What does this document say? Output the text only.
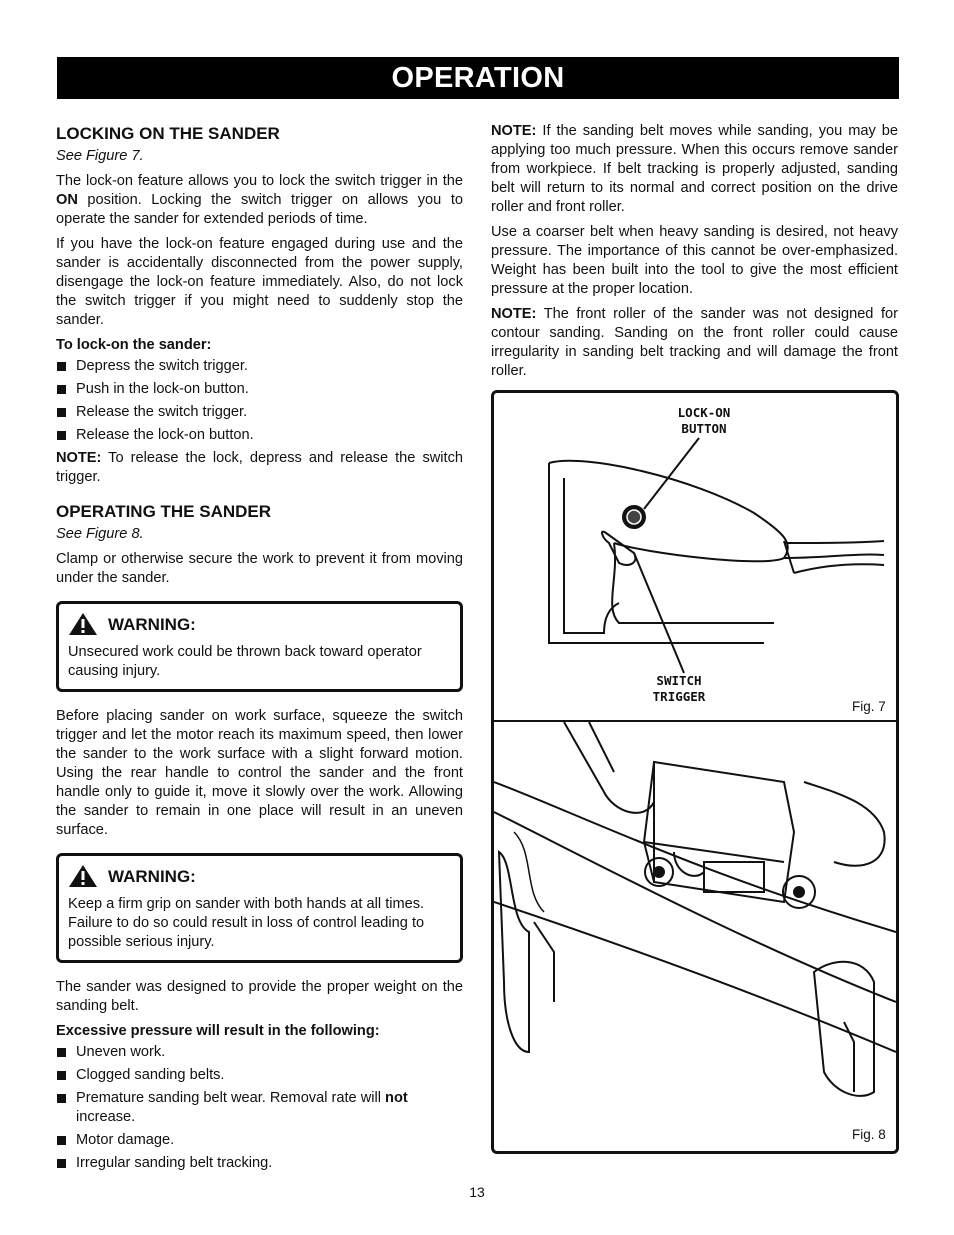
OPERATION
LOCKING ON THE SANDER
See Figure 7.

The lock-on feature allows you to lock the switch trigger in the ON position. Locking the switch trigger on allows you to operate the sander for extended periods of time.

If you have the lock-on feature engaged during use and the sander is accidentally disconnected from the power supply, disengage the lock-on feature immediately. Also, do not lock the switch trigger if you might need to suddenly stop the sander.

To lock-on the sander:
Depress the switch trigger.
Push in the lock-on button.
Release the switch trigger.
Release the lock-on button.

NOTE: To release the lock, depress and release the switch trigger.

OPERATING THE SANDER
See Figure 8.

Clamp or otherwise secure the work to prevent it from moving under the sander.

WARNING:

Unsecured work could be thrown back toward operator causing injury.

Before placing sander on work surface, squeeze the switch trigger and let the motor reach its maximum speed, then lower the sander to the work surface with a slight forward motion. Using the rear handle to control the sander and the front handle only to guide it, move it slowly over the work. Allowing the sander to remain in one place will result in an uneven surface.

WARNING:

Keep a firm grip on sander with both hands at all times. Failure to do so could result in loss of control leading to possible serious injury.

The sander was designed to provide the proper weight on the sanding belt.

Excessive pressure will result in the following:
Uneven work.
Clogged sanding belts.
Premature sanding belt wear. Removal rate will not increase.
Motor damage.
Irregular sanding belt tracking.

NOTE: If the sanding belt moves while sanding, you may be applying too much pressure. When this occurs remove sander from workpiece. If belt tracking is properly adjusted, sanding belt will return to its normal and correct position on the drive roller and front roller.

Use a coarser belt when heavy sanding is desired, not heavy pressure. The importance of this cannot be over-emphasized. Weight has been built into the tool to give the most efficient pressure at the proper location.

NOTE: The front roller of the sander was not designed for contour sanding. Sanding on the front roller could cause irregularity in sanding belt tracking and will damage the front roller.

LOCK-ON
BUTTON
SWITCH
TRIGGER
Fig. 7
Fig. 8
13
